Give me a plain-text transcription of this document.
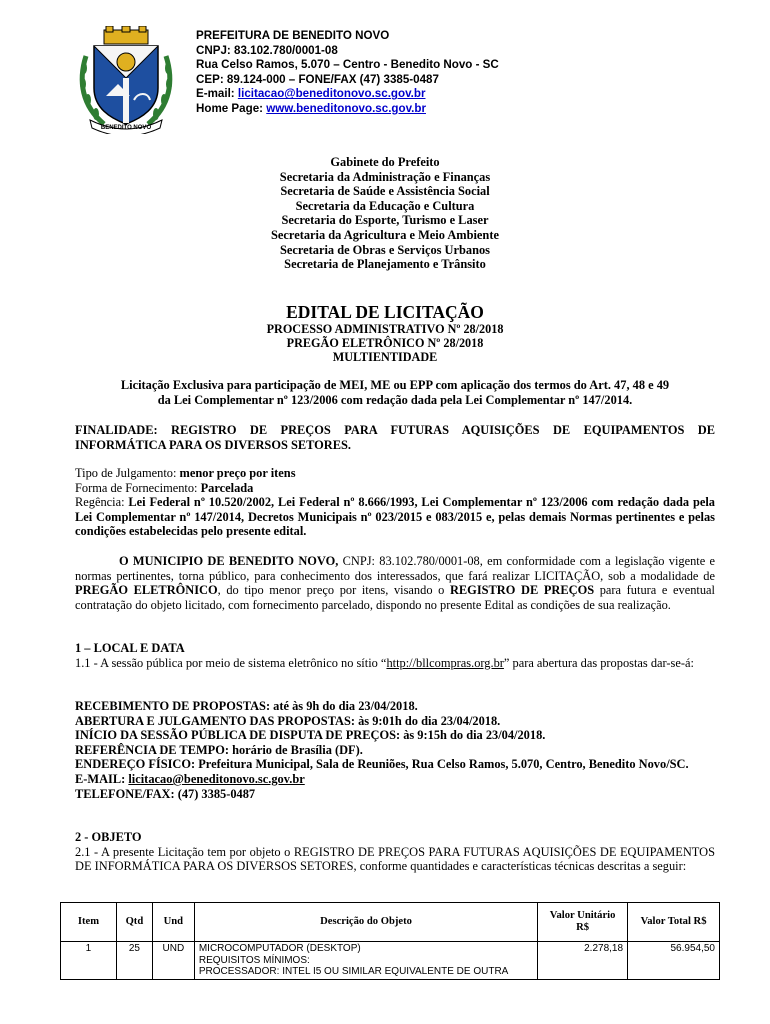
BENEDITO NOVO
PREFEITURA DE BENEDITO NOVO
CNPJ: 83.102.780/0001-08
Rua Celso Ramos, 5.070 – Centro - Benedito Novo - SC
CEP: 89.124-000 – FONE/FAX (47) 3385-0487
E-mail: licitacao@beneditonovo.sc.gov.br
Home Page: www.beneditonovo.sc.gov.br
Gabinete do Prefeito
Secretaria da Administração e Finanças
Secretaria de Saúde e Assistência Social
Secretaria da Educação e Cultura
Secretaria do Esporte, Turismo e Laser
Secretaria da Agricultura e Meio Ambiente
Secretaria de Obras e Serviços Urbanos
Secretaria de Planejamento e Trânsito
EDITAL DE LICITAÇÃO
PROCESSO ADMINISTRATIVO Nº 28/2018
PREGÃO ELETRÔNICO Nº 28/2018
MULTIENTIDADE
Licitação Exclusiva para participação de MEI, ME ou EPP com aplicação dos termos do Art. 47, 48 e 49
da Lei Complementar nº 123/2006 com redação dada pela Lei Complementar nº 147/2014.
FINALIDADE: REGISTRO DE PREÇOS PARA FUTURAS AQUISIÇÕES DE EQUIPAMENTOS DE INFORMÁTICA PARA OS DIVERSOS SETORES.
Tipo de Julgamento: menor preço por itens
Forma de Fornecimento: Parcelada
Regência: Lei Federal nº 10.520/2002, Lei Federal nº 8.666/1993, Lei Complementar nº 123/2006 com redação dada pela Lei Complementar nº 147/2014, Decretos Municipais nº 023/2015 e 083/2015 e, pelas demais Normas pertinentes e pelas condições estabelecidas pelo presente edital.
O MUNICIPIO DE BENEDITO NOVO, CNPJ: 83.102.780/0001-08, em conformidade com a legislação vigente e normas pertinentes, torna público, para conhecimento dos interessados, que fará realizar LICITAÇÃO, sob a modalidade de PREGÃO ELETRÔNICO, do tipo menor preço por itens, visando o REGISTRO DE PREÇOS para futura e eventual contratação do objeto licitado, com fornecimento parcelado, dispondo no presente Edital as condições de sua realização.
1 – LOCAL E DATA
1.1 - A sessão pública por meio de sistema eletrônico no sítio “http://bllcompras.org.br” para abertura das propostas dar-se-á:
RECEBIMENTO DE PROPOSTAS: até às 9h do dia 23/04/2018.
ABERTURA E JULGAMENTO DAS PROPOSTAS: às 9:01h do dia 23/04/2018.
INÍCIO DA SESSÃO PÚBLICA DE DISPUTA DE PREÇOS: às 9:15h do dia 23/04/2018.
REFERÊNCIA DE TEMPO: horário de Brasília (DF).
ENDEREÇO FÍSICO: Prefeitura Municipal, Sala de Reuniões, Rua Celso Ramos, 5.070, Centro, Benedito Novo/SC.
E-MAIL: licitacao@beneditonovo.sc.gov.br
TELEFONE/FAX: (47) 3385-0487
2 - OBJETO
2.1 - A presente Licitação tem por objeto o REGISTRO DE PREÇOS PARA FUTURAS AQUISIÇÕES DE EQUIPAMENTOS DE INFORMÁTICA PARA OS DIVERSOS SETORES, conforme quantidades e características técnicas descritas a seguir:
Item	Qtd	Und	Descrição do Objeto	Valor Unitário R$	Valor Total R$
1	25	UND	MICROCOMPUTADOR (DESKTOP)
REQUISITOS MÍNIMOS:
PROCESSADOR: INTEL I5 OU SIMILAR EQUIVALENTE DE OUTRA	2.278,18	56.954,50
